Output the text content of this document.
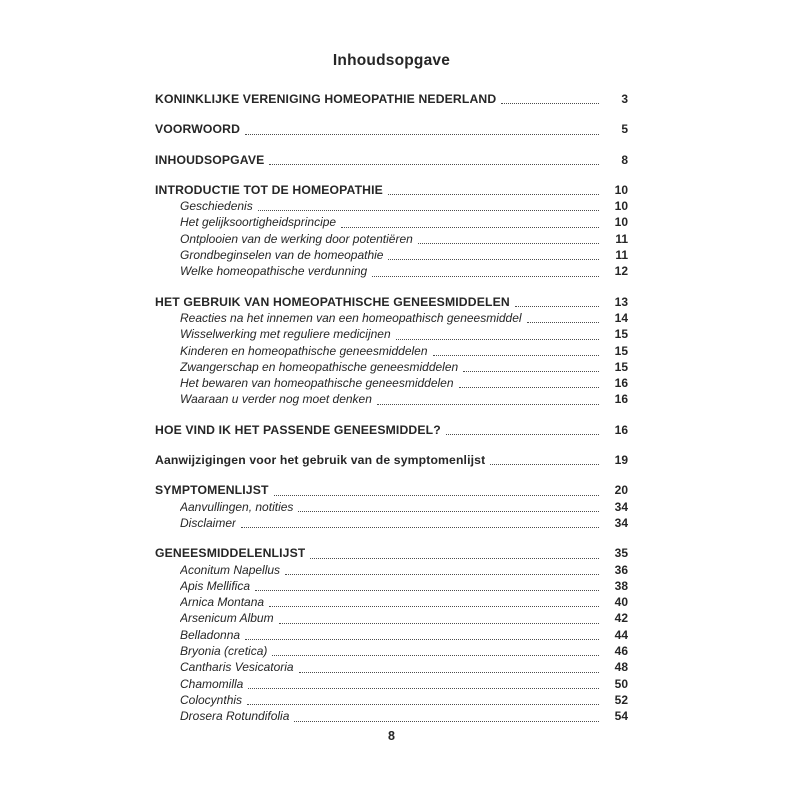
Inhoudsopgave
KONINKLIJKE VERENIGING HOMEOPATHIE NEDERLAND	3
VOORWOORD	5
INHOUDSOPGAVE	8
INTRODUCTIE TOT DE HOMEOPATHIE	10
Geschiedenis	10
Het gelijksoortigheidsprincipe	10
Ontplooien van de werking door potentiëren	11
Grondbeginselen van de homeopathie	11
Welke homeopathische verdunning	12
HET GEBRUIK VAN HOMEOPATHISCHE GENEESMIDDELEN	13
Reacties na het innemen van een homeopathisch geneesmiddel	14
Wisselwerking met reguliere medicijnen	15
Kinderen en homeopathische geneesmiddelen	15
Zwangerschap en homeopathische geneesmiddelen	15
Het bewaren van homeopathische geneesmiddelen	16
Waaraan u verder nog moet denken	16
HOE VIND IK HET PASSENDE GENEESMIDDEL?	16
Aanwijzigingen voor het gebruik van de symptomenlijst	19
SYMPTOMENLIJST	20
Aanvullingen, notities	34
Disclaimer	34
GENEESMIDDELENLIJST	35
Aconitum Napellus	36
Apis Mellifica	38
Arnica Montana	40
Arsenicum Album	42
Belladonna	44
Bryonia (cretica)	46
Cantharis Vesicatoria	48
Chamomilla	50
Colocynthis	52
Drosera Rotundifolia	54
8
